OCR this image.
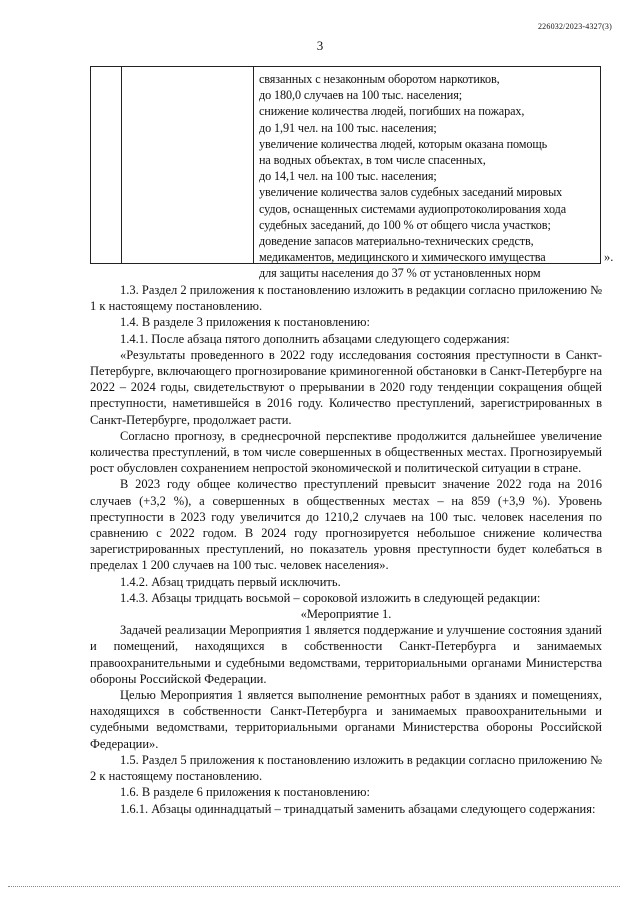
226032/2023-4327(3)
3
связанных с незаконным оборотом наркотиков,
до 180,0 случаев на 100 тыс. населения;
снижение количества людей, погибших на пожарах,
до 1,91 чел. на 100 тыс. населения;
увеличение количества людей, которым оказана помощь
на водных объектах, в том числе спасенных,
до 14,1 чел. на 100 тыс. населения;
увеличение количества залов судебных заседаний мировых
судов, оснащенных системами аудиопротоколирования хода
судебных заседаний, до 100 % от общего числа участков;
доведение запасов материально-технических средств,
медикаментов, медицинского и химического имущества
для защиты населения до 37 % от установленных норм
».

1.3. Раздел 2 приложения к постановлению изложить в редакции согласно приложению № 1 к настоящему постановлению.

1.4. В разделе 3 приложения к постановлению:

1.4.1. После абзаца пятого дополнить абзацами следующего содержания:

«Результаты проведенного в 2022 году исследования состояния преступности в Санкт-Петербурге, включающего прогнозирование криминогенной обстановки в Санкт-Петербурге на 2022 – 2024 годы, свидетельствуют о прерывании в 2020 году тенденции сокращения общей преступности, наметившейся в 2016 году. Количество преступлений, зарегистрированных в Санкт-Петербурге, продолжает расти.

Согласно прогнозу, в среднесрочной перспективе продолжится дальнейшее увеличение количества преступлений, в том числе совершенных в общественных местах. Прогнозируемый рост обусловлен сохранением непростой экономической и политической ситуации в стране.

В 2023 году общее количество преступлений превысит значение 2022 года на 2016 случаев (+3,2 %), а совершенных в общественных местах – на 859 (+3,9 %). Уровень преступности в 2023 году увеличится до 1210,2 случаев на 100 тыс. человек населения по сравнению с 2022 годом. В 2024 году прогнозируется небольшое снижение количества зарегистрированных преступлений, но показатель уровня преступности будет колебаться в пределах 1 200 случаев на 100 тыс. человек населения».

1.4.2. Абзац тридцать первый исключить.

1.4.3. Абзацы тридцать восьмой – сороковой изложить в следующей редакции:

«Мероприятие 1.

Задачей реализации Мероприятия 1 является поддержание и улучшение состояния зданий и помещений, находящихся в собственности Санкт-Петербурга и занимаемых правоохранительными и судебными ведомствами, территориальными органами Министерства обороны Российской Федерации.

Целью Мероприятия 1 является выполнение ремонтных работ в зданиях и помещениях, находящихся в собственности Санкт-Петербурга и занимаемых правоохранительными и судебными ведомствами, территориальными органами Министерства обороны Российской Федерации».

1.5. Раздел 5 приложения к постановлению изложить в редакции согласно приложению № 2 к настоящему постановлению.

1.6. В разделе 6 приложения к постановлению:

1.6.1. Абзацы одиннадцатый – тринадцатый заменить абзацами следующего содержания:
